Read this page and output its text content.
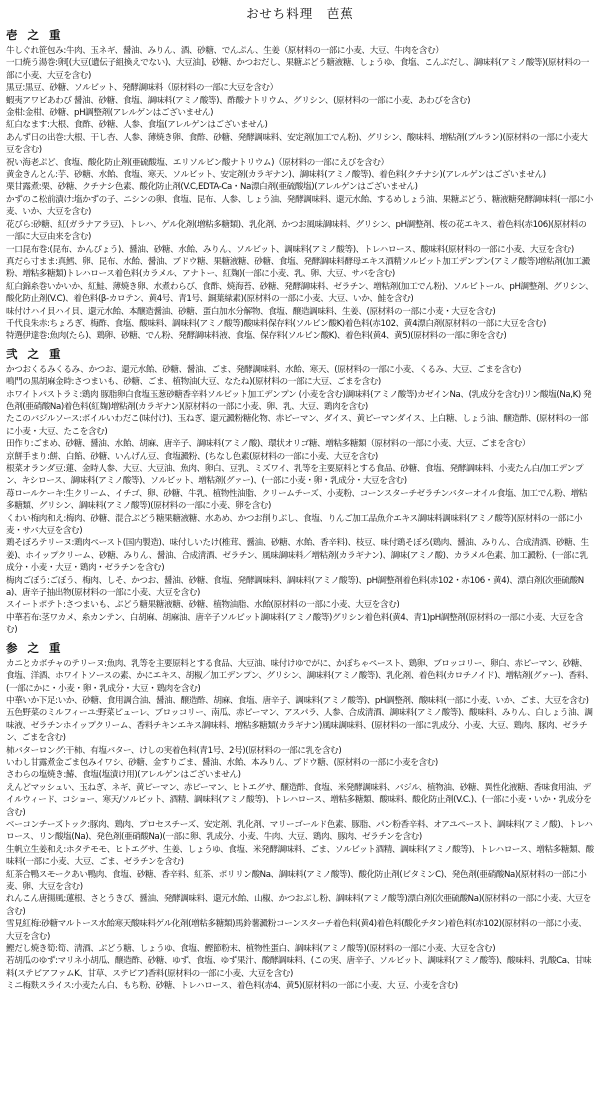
おせち料理　芭蕉
壱 之 重
牛しぐれ笹包み:牛肉、玉ネギ、醤油、みりん、酒、砂糖、でんぷん、生姜（原材料の一部に小麦、大豆、牛肉を含む）
一口焼う湯巻:卵[(大豆(遺伝子組換えでない)、大豆油]、砂糖、かつおだし、果糖ぶどう糖液糖、しょうゆ、食塩、こんぶだし、調味料(アミノ酸等)(原材料の一部に小麦、大豆を含む)
黒豆:黒豆、砂糖、ソルビット、発酵調味料（原材料の一部に大豆を含む）
蝦夷アワビあわび 醤油、砂糖、食塩、調味料(アミノ酸等)、酢酸ナトリウム、グリシン、(原材料の一部に小麦、あわびを含む)
金柑:金柑、砂糖、pH調整剤(アレルゲンはございません)
紅白なます:大根、食酢、砂糖、人参、食塩(アレルゲンはございません)
あんず日の出巻:大根、干し杏、人参、薄焼き卵、食酢、砂糖、発酵調味料、安定剤(加工でん粉)、グリシン、酸味料、増粘剤(プルラン)(原材料の一部に小麦大豆を含む)
祝い海老ぷど、食塩、酸化防止剤(亜硫酸塩、エリソルビン酸ナトリウム)（原材料の一部にえびを含む）
黄金きんとん:芋、砂糖、水飴、食塩、寒天、ソルビット、安定剤(カラギナン)、調味料(アミノ酸等)、着色料(クチナシ)(アレルゲンはございません)
栗甘露煮:栗、砂糖、クチナシ色素、酸化防止剤(V.C,EDTA-Ca・Na漂白剤(亜硫酸塩)(アレルゲンはございません)
かずのこ松前漬け:塩かずの子、ニシンの卵、食塩、昆布、人参、しょう油、発酵調味料、還元水飴、するめしょう油、果糖ぶどう、糖液糖発酵調味料(一部に小麦、いか、大豆を含む)
花びら:砂糖、紅(ガラナアラ豆)、トレハ、ゲル化剤(増粘多糖類)、乳化剤、かつお風味調味料、グリシン、pH調整剤、桜の花エキス、着色料(赤106)(原材料の一部に大豆由来を含む)
一口昆布巻:(昆布、かんぴょう)、醤油、砂糖、水飴、みりん、ソルビット、調味料(アミノ酸等)、トレハロース、酸味料(原材料の一部に小麦、大豆を含む)
真だら寸まま:真鱈、卵、昆布、水飴、醤油、ブドウ糖、果糖液糖、砂糖、食塩、発酵調味料酵母エキス酒精ソルビット加工デンプン(アミノ酸等)増粘剤(加工澱粉、増粘多糖類)トレハロース着色料(カラメル、アナトー、紅麹)(一部に小麦、乳、卵、大豆、サバを含む)
紅白錦糸巻いかいか、紅鮭、薄焼き卵、水煮わらび、食酢、焼海苔、砂糖、発酵調味料、ゼラチン、増粘剤(加工でん粉)、ソルビトール、pH調整剤、グリシン、酸化防止剤(V.C)、着色料(β-カロテン、黄4号、青1号、銅葉緑素)(原材料の一部に小麦、大豆、いか、鮭を含む)
味付けハイ貝ハイ貝、還元水飴、本醸造醤油、砂糖、蛋白加水分解物、食塩、醸造調味料、生姜、(原材料の一部に小麦・大豆を含む)
千代良朱赤:ちょろぎ、梅酢、食塩、酸味料、調味料(アミノ酸等)酸味料保存料(ソルビン酸K)着色料(赤102、黄4漂白剤(原材料の一部に大豆を含む)
特選伊達巻:魚肉(たら)、鶏卵、砂糖、でん粉、発酵調味料液、食塩、保存料(ソルビン酸K)、着色料(黄4、黄5)(原材料の一部に卵を含む)
弐 之 重
かつおくるみくるみ、かつお、還元水飴、砂糖、醤油、ごま、発酵調味料、水飴、寒天、(原材料の一部に小麦、くるみ、大豆、ごまを含む)
鳴門の黒胡麻金時:さつまいも、砂糖、ごま、植物油(大豆、なたね)(原材料の一部に大豆、ごまを含む)
ホワイトパストラミ:鶏肉 豚脂卵白食塩玉葱砂糖香辛料ソルビット加工デンプン (小麦を含む)調味料(アミノ酸等)カゼインNa、(乳成分を含む)リン酸塩(Na,K) 発色剤(亜硝酸Na)着色料(紅麹)増粘剤(カラギナン)(原材料の一部に小麦、卵、乳、大豆、鶏肉を含む)
たこのバジルソース:ボイルいわだこ(味付け)、玉ねぎ、還元澱粉糖化物、赤ピーマン、ダイス、黄ピーマンダイス、上白糖、しょう油、醸造酢、(原材料の一部に小麦・大豆、たこを含む)
田作り:ごまめ、砂糖、醤油、水飴、胡麻、唐辛子、調味料(アミノ酸)、環状オリゴ糖、増粘多糖類（原材料の一部に小麦、大豆、ごまを含む）
京餅手まり:餅、白餡、砂糖、いんげん豆、食塩澱粉、(ちなし色素(原材料の一部に小麦、大豆を含む)
根菜オランダ豆:蓮、金時人参、大豆、大豆油、魚肉、卵白、豆乳、ミズワイ、乳等を主要原料とする食品、砂糖、食塩、発酵調味料、小麦たん白/加工デンプン、キシロース、調味料(アミノ酸等)、ソルビット、増粘剤(グァー)、(一部に小麦・卵・乳成分・大豆を含む)
苺ロールケーキ:生クリーム、イチゴ、卵、砂糖、牛乳、植物性油脂、クリームチーズ、小麦粉、コーンスターチゼラチンバターオイル食塩、加工でん粉、増粘多糖類、グリシン、調味料(アミノ酸等)(原材料の一部に小麦、卵を含む)
くわい梅肉和え:梅肉、砂糖、混合ぶどう糖果糖液糖、水あめ、かつお削りぶし、食塩、りんご加工品魚介エキス調味料調味料(アミノ酸等)(原材料の一部に小麦・サバ大豆を含む)
鶏そぼろテリーヌ:鶏肉ペースト(国内製造)、味付しいたけ(椎茸、醤油、砂糖、水飴、香辛料)、枝豆、味付鶏そぼろ(鶏肉、醤油、みりん、合成清酒、砂糖、生姜)、ホイップクリーム、砂糖、みりん、醤油、合成清酒、ゼラチン、風味調味料／増粘剤(カラギナン)、調味(アミノ酸)、カラメル色素、加工澱粉、(一部に乳成分・小麦・大豆・鶏肉・ゼラチンを含む)
梅肉ごぼう:ごぼう、梅肉、しそ、かつお、醤油、砂糖、食塩、発酵調味料、調味料(アミノ酸等)、pH調整剤着色料(赤102・赤106・黄4)、漂白剤(次亜硫酸Na)、唐辛子抽出物(原材料の一部に小麦、大豆を含む)
スイートポテト:さつまいも、ぶどう糖果糖液糖、砂糖、植物油脂、水飴(原材料の一部に小麦、大豆を含む)
中華若布:茎ワカメ、糸カンテン、白胡麻、胡麻油、唐辛子ソルビット調味料(アミノ酸等)グリシン着色料(黄4、青1)pH調整剤(原材料の一部に小麦、大豆を含む)
参 之 重
カニとカボチャのテリーヌ:魚肉、乳等を主要原料とする食品、大豆油、味付けゆでがに、かぼちゃペースト、鶏卵、ブロッコリー、卵白、赤ピーマン、砂糖、食塩、洋酒、ホワイトソースの素、かにエキス、胡椒／加工デンプン、グリシン、調味料(アミノ酸等)、乳化剤、着色料(カロチノイド)、増粘剤(グァー)、香料、(一部にかに・小麦・卵・乳成分・大豆・鶏肉を含む)
中華いか下足:いか、砂糖、食用調合油、醤油、醸造酢、胡麻、食塩、唐辛子、調味料(アミノ酸等)、pH調整剤、酸味料(一部に小麦、いか、ごま、大豆を含む)
五色野菜のミルフィーユ:野菜ピューレ、ブロッコリー、南瓜、赤ピーマン、アスパラ、人参、合成清酒、調味料(アミノ酸等)、酸味料、みりん、白しょう油、調味液、ゼラチンホイップクリーム、香料チキンエキス調味料、増粘多糖類(カラギナン)風味調味料、(原材料の一部に乳成分、小麦、大豆、鶏肉、豚肉、ゼラチン、ごまを含む)
柿バターロング:干柿、有塩バター、けしの実着色料(青1号、2号)(原材料の一部に乳を含む)
いわし甘露煮金ごま包みイワシ、砂糖、金すりごま、醤油、水飴、本みりん、ブドウ糖、(原材料の一部に小麦を含む)
さわらの塩焼き:鰆、食塩(塩漬け用)(アレルゲンはございません)
えんどマッシュい、玉ねぎ、ネギ、黄ピーマン、赤ピーマン、ヒトエグサ、醸造酢、食塩、米発酵調味料、バジル、植物油、砂糖、異性化液糖、香味食用油、デイルウィード、コショー、寒天/ソルビット、酒精、調味料(アミノ酸等)、トレハロース、増粘多糖類、酸味料、酸化防止剤(V.C.)、(一部に小麦・いか・乳成分を含む)
ベーコンチーズトック:豚肉、鶏肉、プロセスチーズ、安定剤、乳化剤、マリーゴールド色素、豚脂、パン粉香辛料、オアユペースト、調味料(アミノ酸)、トレハロース、リン酸塩(Na)、発色剤(亜硝酸Na)(一部に卵、乳成分、小麦、牛肉、大豆、鶏肉、豚肉、ゼラチンを含む)
生帆立生姜和え:ホタテモモ、ヒトエグサ、生姜、しょうゆ、食塩、米発酵調味料、ごま、ソルビット酒精、調味料(アミノ酸等)、トレハロース、増粘多糖類、酸味料(一部に小麦、大豆、ごま、ゼラチンを含む)
紅茶合鴨スモークあい鴨肉、食塩、砂糖、香辛料、紅茶、ポリリン酸Na、調味料(アミノ酸等)、酸化防止剤(ビタミンC)、発色剤(亜硝酸Na)(原材料の一部に小麦、卵、大豆を含む)
れんこん唐揚風:蓮根、さとうきび、醤油、発酵調味料、還元水飴、山椒、かつおぶし粉、調味料(アミノ酸等)漂白剤(次亜硫酸Na)(原材料の一部に小麦、大豆を含む)
雪見紅梅:砂糖マルトース水飴寒天酸味料ゲル化剤(増粘多糖類)馬鈴薯澱粉コーンスターチ着色料(黄4)着色料(酸化チタン)着色料(赤102)(原材料の一部に小麦、大豆を含む)
鰹だし焼き筍:筍、清酒、ぶどう糖、しょうゆ、食塩、鰹節粉末、植物性蛋白、調味料(アミノ酸等)(原材料の一部に小麦、大豆を含む)
若胡瓜のゆず:マリネ小胡瓜、醸造酢、砂糖、ゆず、食塩、ゆず果汁、酸酵調味料、(この実、唐辛子、ソルビット、調味料(アミノ酸等)、酸味料、乳酸Ca、甘味料(ステビアファムK、甘草、ステビア)香料(原材料の一部に小麦、大豆を含む)
ミニ梅麩スライス:小麦たん白、もち粉、砂糖、トレハロース、着色料(赤4、黄5)(原材料の一部に小麦、大 豆、小麦を含む)
